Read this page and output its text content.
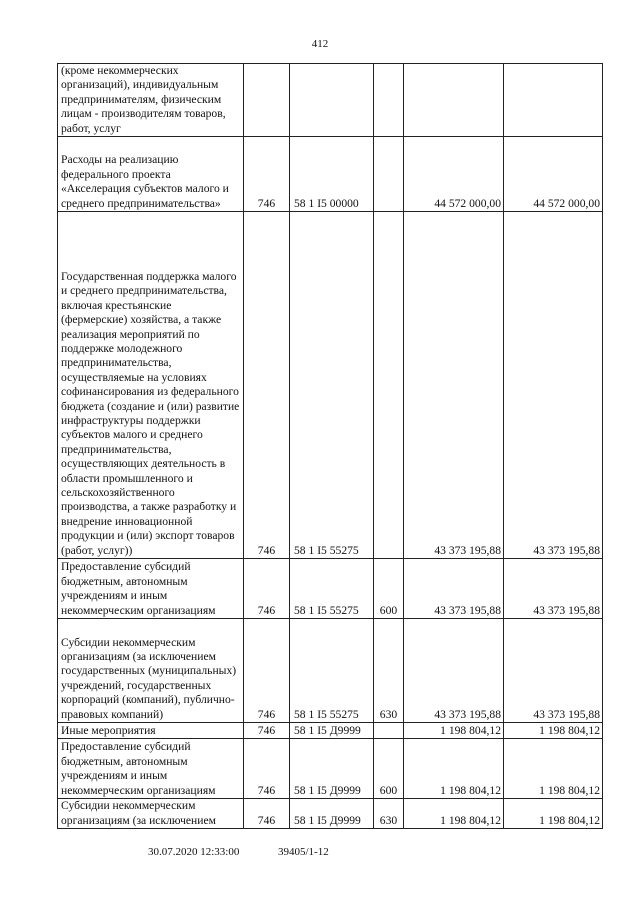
412
(кроме некоммерческих организаций), индивидуальным предпринимателям, физическим лицам - производителям товаров, работ, услуг					
Расходы на реализацию федерального проекта «Акселерация субъектов малого и среднего предпринимательства»	746	58 1 I5 00000		44 572 000,00	44 572 000,00
Государственная поддержка малого и среднего предпринимательства, включая крестьянские (фермерские) хозяйства, а также реализация мероприятий по поддержке молодежного предпринимательства, осуществляемые на условиях софинансирования из федерального бюджета (создание и (или) развитие инфраструктуры поддержки субъектов малого и среднего предпринимательства, осуществляющих деятельность в области промышленного и сельскохозяйственного производства, а также разработку и внедрение инновационной продукции и (или) экспорт товаров (работ, услуг))	746	58 1 I5 55275		43 373 195,88	43 373 195,88
Предоставление субсидий бюджетным, автономным учреждениям и иным некоммерческим организациям	746	58 1 I5 55275	600	43 373 195,88	43 373 195,88
Субсидии некоммерческим организациям (за исключением государственных (муниципальных) учреждений, государственных корпораций (компаний), публично-правовых компаний)	746	58 1 I5 55275	630	43 373 195,88	43 373 195,88
Иные мероприятия	746	58 1 I5 Д9999		1 198 804,12	1 198 804,12
Предоставление субсидий бюджетным, автономным учреждениям и иным некоммерческим организациям	746	58 1 I5 Д9999	600	1 198 804,12	1 198 804,12
Субсидии некоммерческим организациям (за исключением	746	58 1 I5 Д9999	630	1 198 804,12	1 198 804,12
30.07.2020 12:33:00	39405/1-12
